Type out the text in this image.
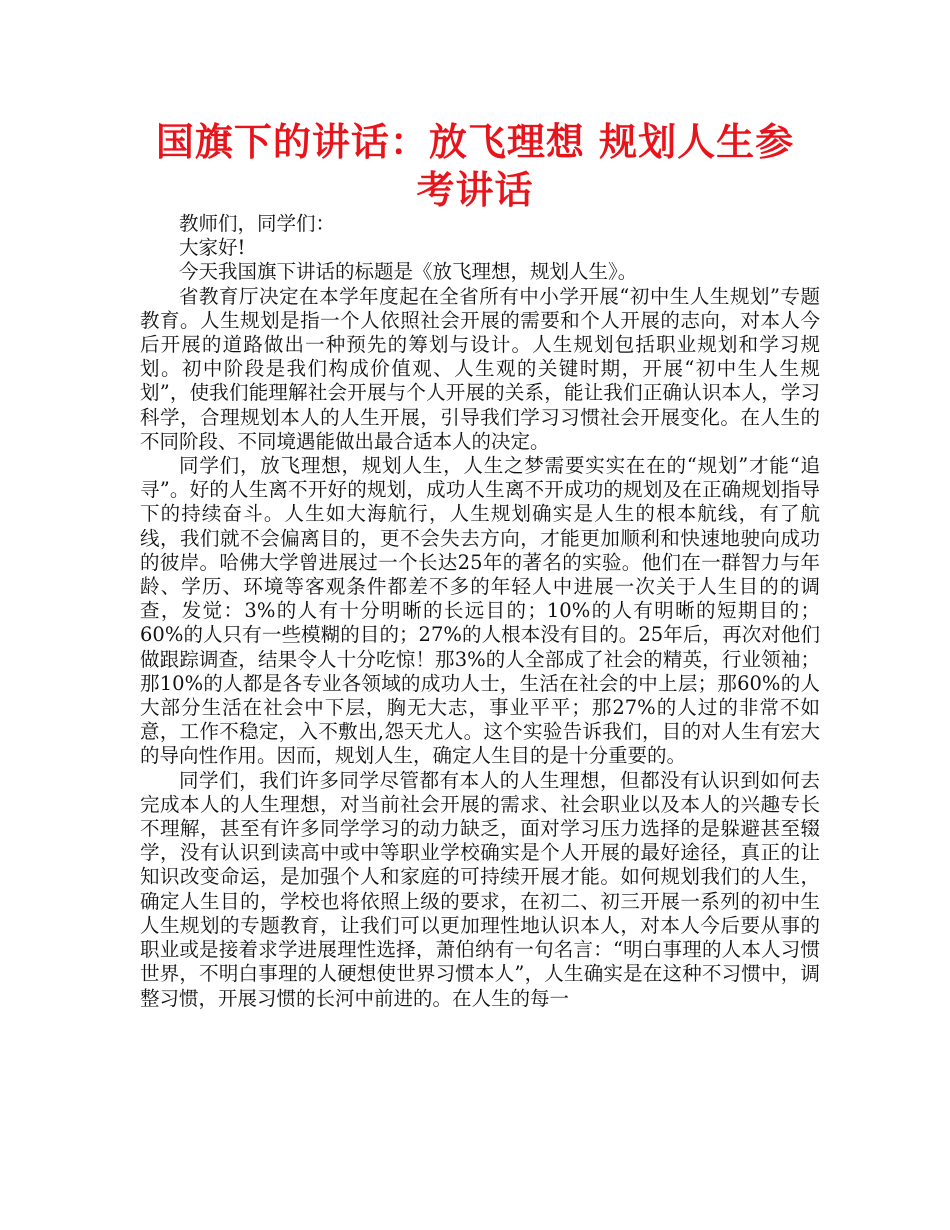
国旗下的讲话：放飞理想 规划人生参考讲话

教师们，同学们：

大家好!

今天我国旗下讲话的标题是《放飞理想，规划人生》。

省教育厅决定在本学年度起在全省所有中小学开展“初中生人生规划”专题教育。人生规划是指一个人依照社会开展的需要和个人开展的志向，对本人今后开展的道路做出一种预先的筹划与设计。人生规划包括职业规划和学习规划。初中阶段是我们构成价值观、人生观的关键时期，开展“初中生人生规划”，使我们能理解社会开展与个人开展的关系，能让我们正确认识本人，学习科学，合理规划本人的人生开展，引导我们学习习惯社会开展变化。在人生的不同阶段、不同境遇能做出最合适本人的决定。

同学们，放飞理想，规划人生，人生之梦需要实实在在的“规划”才能“追寻”。好的人生离不开好的规划，成功人生离不开成功的规划及在正确规划指导下的持续奋斗。人生如大海航行，人生规划确实是人生的根本航线，有了航线，我们就不会偏离目的，更不会失去方向，才能更加顺利和快速地驶向成功的彼岸。哈佛大学曾进展过一个长达25年的著名的实验。他们在一群智力与年龄、学历、环境等客观条件都差不多的年轻人中进展一次关于人生目的的调查，发觉：3%的人有十分明晰的长远目的；10%的人有明晰的短期目的；60%的人只有一些模糊的目的；27%的人根本没有目的。25年后，再次对他们做跟踪调查，结果令人十分吃惊！那3%的人全部成了社会的精英，行业领袖；那10%的人都是各专业各领域的成功人士，生活在社会的中上层；那60%的人大部分生活在社会中下层，胸无大志，事业平平；那27%的人过的非常不如意，工作不稳定，入不敷出,怨天尤人。这个实验告诉我们，目的对人生有宏大的导向性作用。因而，规划人生，确定人生目的是十分重要的。

同学们，我们许多同学尽管都有本人的人生理想，但都没有认识到如何去完成本人的人生理想，对当前社会开展的需求、社会职业以及本人的兴趣专长不理解，甚至有许多同学学习的动力缺乏，面对学习压力选择的是躲避甚至辍学，没有认识到读高中或中等职业学校确实是个人开展的最好途径，真正的让知识改变命运，是加强个人和家庭的可持续开展才能。如何规划我们的人生，确定人生目的，学校也将依照上级的要求，在初二、初三开展一系列的初中生人生规划的专题教育，让我们可以更加理性地认识本人，对本人今后要从事的职业或是接着求学进展理性选择，萧伯纳有一句名言：“明白事理的人本人习惯世界，不明白事理的人硬想使世界习惯本人”，人生确实是在这种不习惯中，调整习惯，开展习惯的长河中前进的。在人生的每一
